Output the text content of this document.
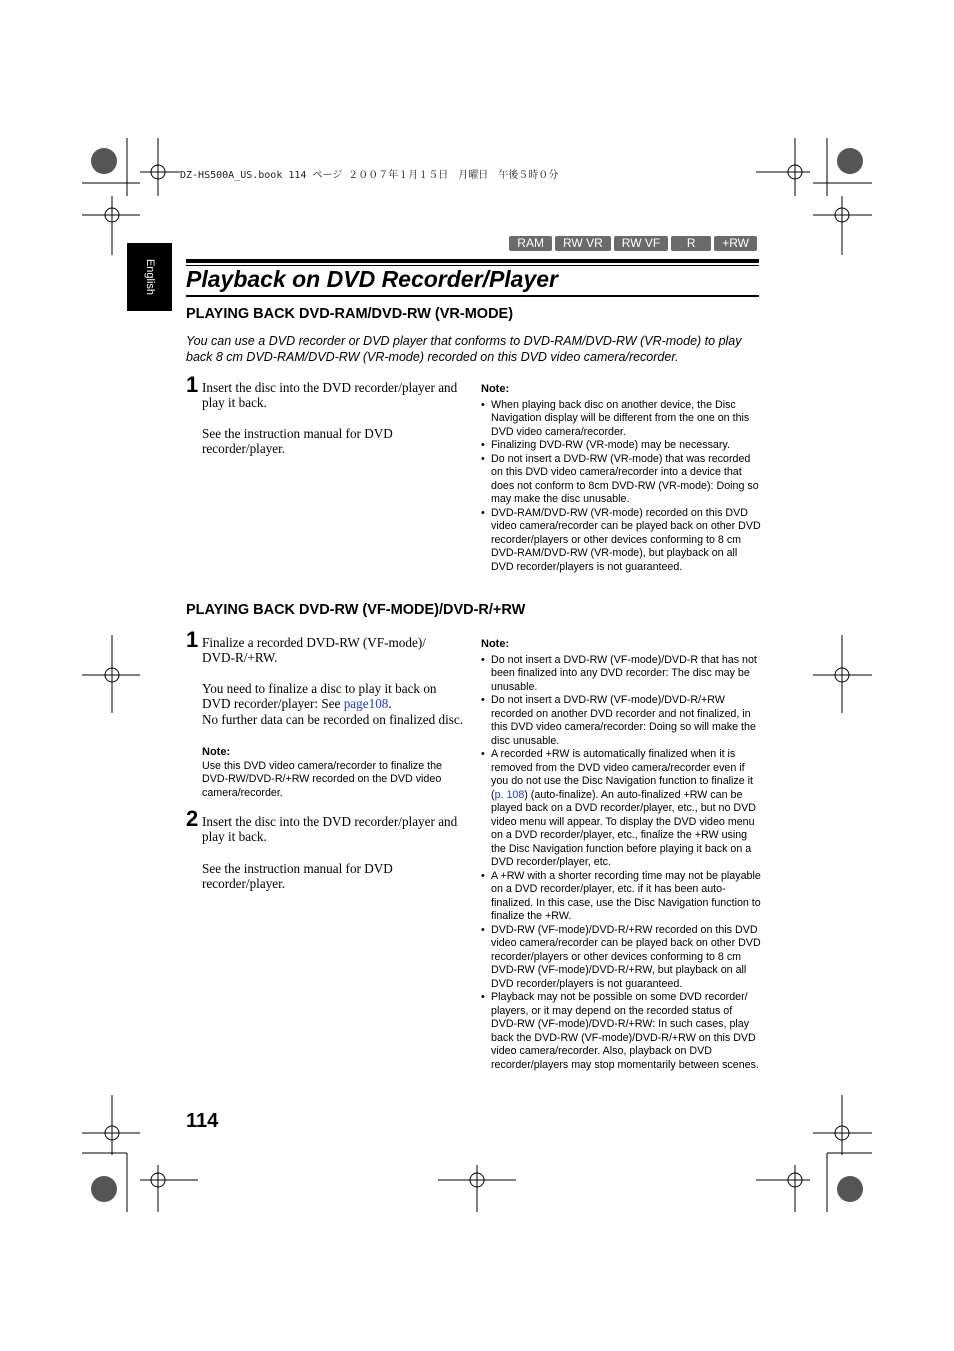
DZ-HS500A_US.book 114 ページ ２００７年１月１５日　月曜日　午後５時０分
RAM	RW VR	RW VF	R	+RW
English Playback on DVD Recorder/Player
PLAYING BACK DVD-RAM/DVD-RW (VR-MODE)
You can use a DVD recorder or DVD player that conforms to DVD-RAM/DVD-RW (VR-mode) to play back 8 cm DVD-RAM/DVD-RW (VR-mode) recorded on this DVD video camera/recorder.
1 Insert the disc into the DVD recorder/player and play it back.
See the instruction manual for DVD recorder/player.
Note:
• When playing back disc on another device, the Disc Navigation display will be different from the one on this DVD video camera/recorder.
• Finalizing DVD-RW (VR-mode) may be necessary.
• Do not insert a DVD-RW (VR-mode) that was recorded on this DVD video camera/recorder into a device that does not conform to 8cm DVD-RW (VR-mode): Doing so may make the disc unusable.
• DVD-RAM/DVD-RW (VR-mode) recorded on this DVD video camera/recorder can be played back on other DVD recorder/players or other devices conforming to 8 cm DVD-RAM/DVD-RW (VR-mode), but playback on all DVD recorder/players is not guaranteed.
PLAYING BACK DVD-RW (VF-MODE)/DVD-R/+RW
1 Finalize a recorded DVD-RW (VF-mode)/ DVD-R/+RW.
You need to finalize a disc to play it back on DVD recorder/player: See page108.
No further data can be recorded on finalized disc.
Note:
Use this DVD video camera/recorder to finalize the DVD-RW/DVD-R/+RW recorded on the DVD video camera/recorder.
2 Insert the disc into the DVD recorder/player and play it back.
See the instruction manual for DVD recorder/player.
Note:
• Do not insert a DVD-RW (VF-mode)/DVD-R that has not been finalized into any DVD recorder: The disc may be unusable.
• Do not insert a DVD-RW (VF-mode)/DVD-R/+RW recorded on another DVD recorder and not finalized, in this DVD video camera/recorder: Doing so will make the disc unusable.
• A recorded +RW is automatically finalized when it is removed from the DVD video camera/recorder even if you do not use the Disc Navigation function to finalize it (p. 108) (auto-finalize). An auto-finalized +RW can be played back on a DVD recorder/player, etc., but no DVD video menu will appear. To display the DVD video menu on a DVD recorder/player, etc., finalize the +RW using the Disc Navigation function before playing it back on a DVD recorder/player, etc.
• A +RW with a shorter recording time may not be playable on a DVD recorder/player, etc. if it has been auto-finalized. In this case, use the Disc Navigation function to finalize the +RW.
• DVD-RW (VF-mode)/DVD-R/+RW recorded on this DVD video camera/recorder can be played back on other DVD recorder/players or other devices conforming to 8 cm DVD-RW (VF-mode)/DVD-R/+RW, but playback on all DVD recorder/players is not guaranteed.
• Playback may not be possible on some DVD recorder/ players, or it may depend on the recorded status of DVD-RW (VF-mode)/DVD-R/+RW: In such cases, play back the DVD-RW (VF-mode)/DVD-R/+RW on this DVD video camera/recorder. Also, playback on DVD recorder/players may stop momentarily between scenes.
114
